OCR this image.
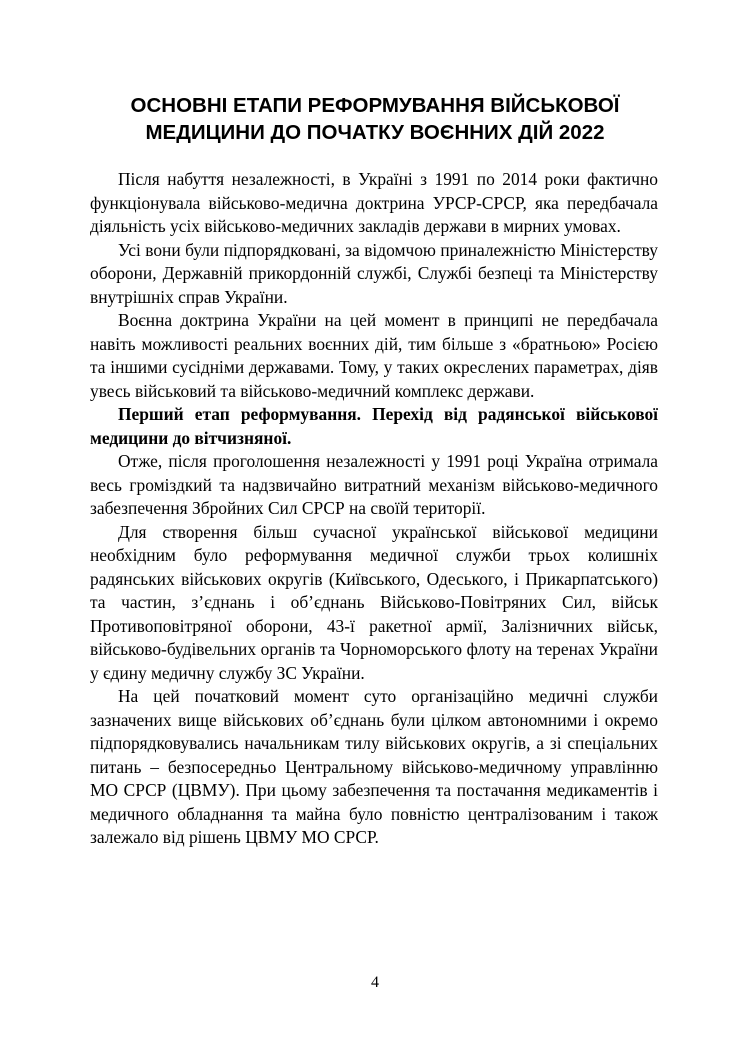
ОСНОВНІ ЕТАПИ РЕФОРМУВАННЯ ВІЙСЬКОВОЇ
МЕДИЦИНИ ДО ПОЧАТКУ ВОЄННИХ ДІЙ 2022

Після набуття незалежності, в Україні з 1991 по 2014 роки фактично функціонувала військово-медична доктрина УРСР-СРСР, яка передбачала діяльність усіх військово-медичних закладів держави в мирних умовах.

Усі вони були підпорядковані, за відомчою приналежністю Міністерству оборони, Державній прикордонній службі, Службі безпеці та Міністерству внутрішніх справ України.

Воєнна доктрина України на цей момент в принципі не передбачала навіть можливості реальних воєнних дій, тим більше з «братньою» Росією та іншими сусідніми державами. Тому, у таких окреслених параметрах, діяв увесь військовий та військово-медичний комплекс держави.

Перший етап реформування. Перехід від радянської військової медицини до вітчизняної.

Отже, після проголошення незалежності у 1991 році Україна отримала весь громіздкий та надзвичайно витратний механізм військово-медичного забезпечення Збройних Сил СРСР на своїй території.

Для створення більш сучасної української військової медицини необхідним було реформування медичної служби трьох колишніх радянських військових округів (Київського, Одеського, і Прикарпатського) та частин, з’єднань і об’єднань Військово-Повітряних Сил, військ Противоповітряної оборони, 43-ї ракетної армії, Залізничних військ, військово-будівельних органів та Чорноморського флоту на теренах України у єдину медичну службу ЗС України.

На цей початковий момент суто організаційно медичні служби зазначених вище військових об’єднань були цілком автономними і окремо підпорядковувались начальникам тилу військових округів, а зі спеціальних питань – безпосередньо Центральному військово-медичному управлінню МО СРСР (ЦВМУ). При цьому забезпечення та постачання медикаментів і медичного обладнання та майна було повністю централізованим і також залежало від рішень ЦВМУ МО СРСР.

4
